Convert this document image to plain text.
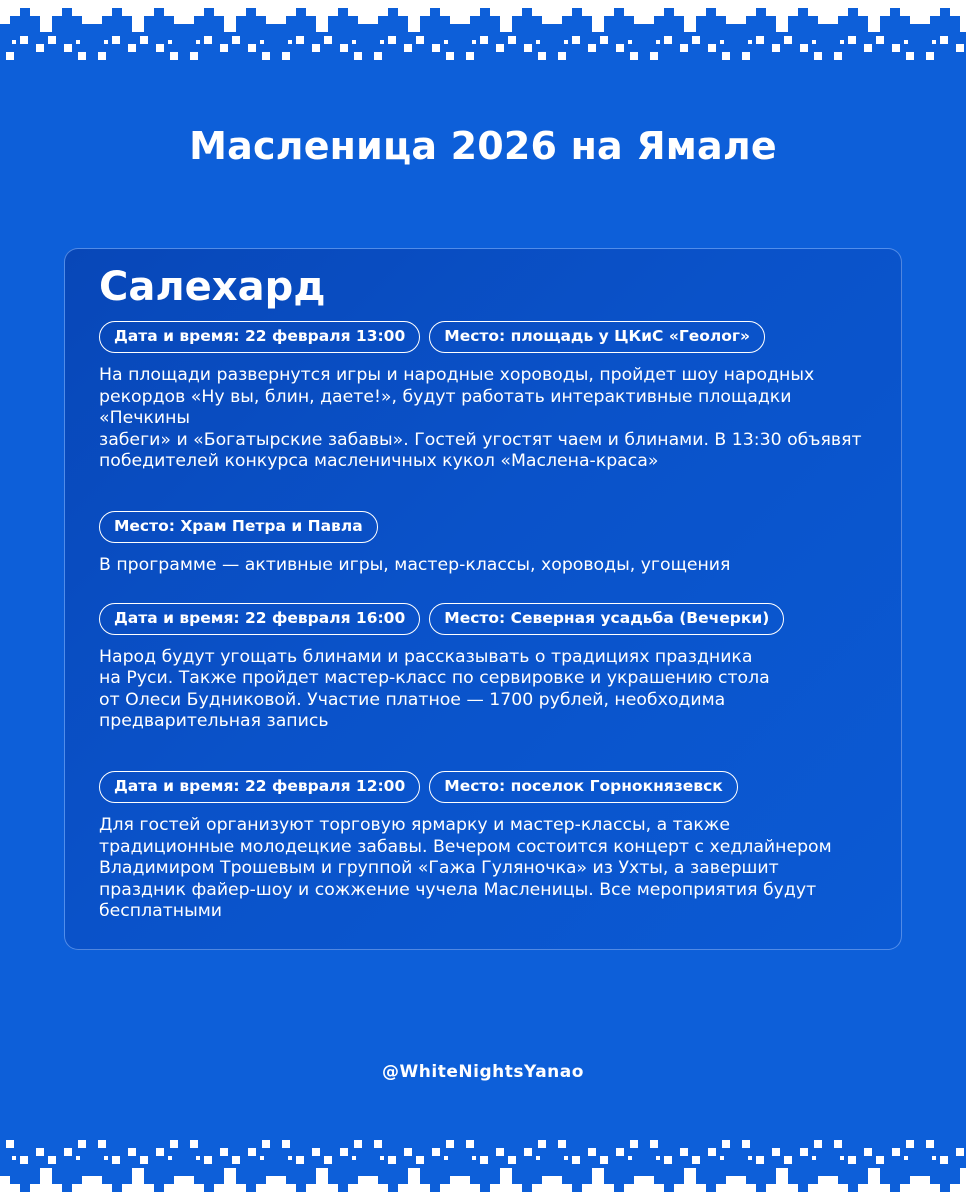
Масленица 2026 на Ямале
Салехард
Дата и время: 22 февраля 13:00	Место: площадь у ЦКиС «Геолог»
На площади развернутся игры и народные хороводы, пройдет шоу народных
рекордов «Ну вы, блин, даете!», будут работать интерактивные площадки «Печкины
забеги» и «Богатырские забавы». Гостей угостят чаем и блинами. В 13:30 объявят
победителей конкурса масленичных кукол «Маслена-краса»
Место: Храм Петра и Павла
В программе — активные игры, мастер-классы, хороводы, угощения
Дата и время: 22 февраля 16:00	Место: Северная усадьба (Вечерки)
Народ будут угощать блинами и рассказывать о традициях праздника
на Руси. Также пройдет мастер-класс по сервировке и украшению стола
от Олеси Будниковой. Участие платное — 1700 рублей, необходима
предварительная запись
Дата и время: 22 февраля 12:00	Место: поселок Горнокнязевск
Для гостей организуют торговую ярмарку и мастер-классы, а также
традиционные молодецкие забавы. Вечером состоится концерт с хедлайнером
Владимиром Трошевым и группой «Гажа Гуляночка» из Ухты, а завершит
праздник файер-шоу и сожжение чучела Масленицы. Все мероприятия будут
бесплатными
@WhiteNightsYanao
